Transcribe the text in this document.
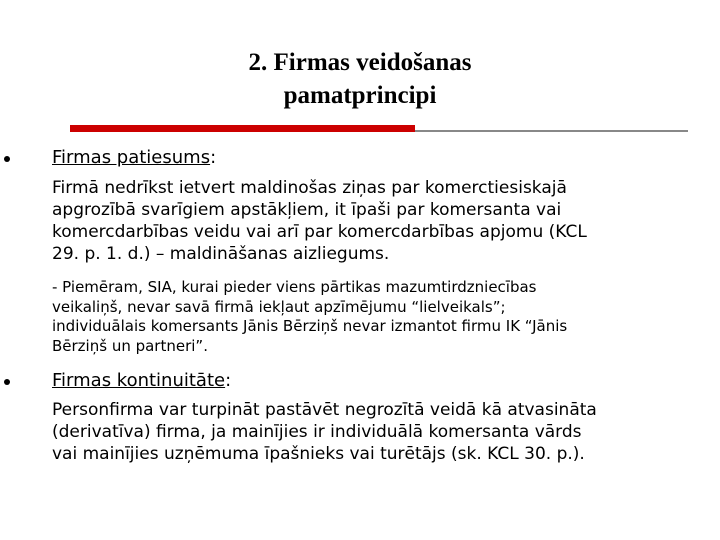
2. Firmas veidošanas
pamatprincipi
Firmas patiesums:
Firmā nedrīkst ietvert maldinošas ziņas par komerctiesiskajā
apgrozībā svarīgiem apstākļiem, it īpaši par komersanta vai
komercdarbības veidu vai arī par komercdarbības apjomu (KCL
29. p. 1. d.) – maldināšanas aizliegums.
- Piemēram, SIA, kurai pieder viens pārtikas mazumtirdzniecības
veikaliņš, nevar savā firmā iekļaut apzīmējumu “lielveikals”;
individuālais komersants Jānis Bērziņš nevar izmantot firmu IK “Jānis
Bērziņš un partneri”.
Firmas kontinuitāte:
Personfirma var turpināt pastāvēt negrozītā veidā kā atvasināta
(derivatīva) firma, ja mainījies ir individuālā komersanta vārds
vai mainījies uzņēmuma īpašnieks vai turētājs (sk. KCL 30. p.).
